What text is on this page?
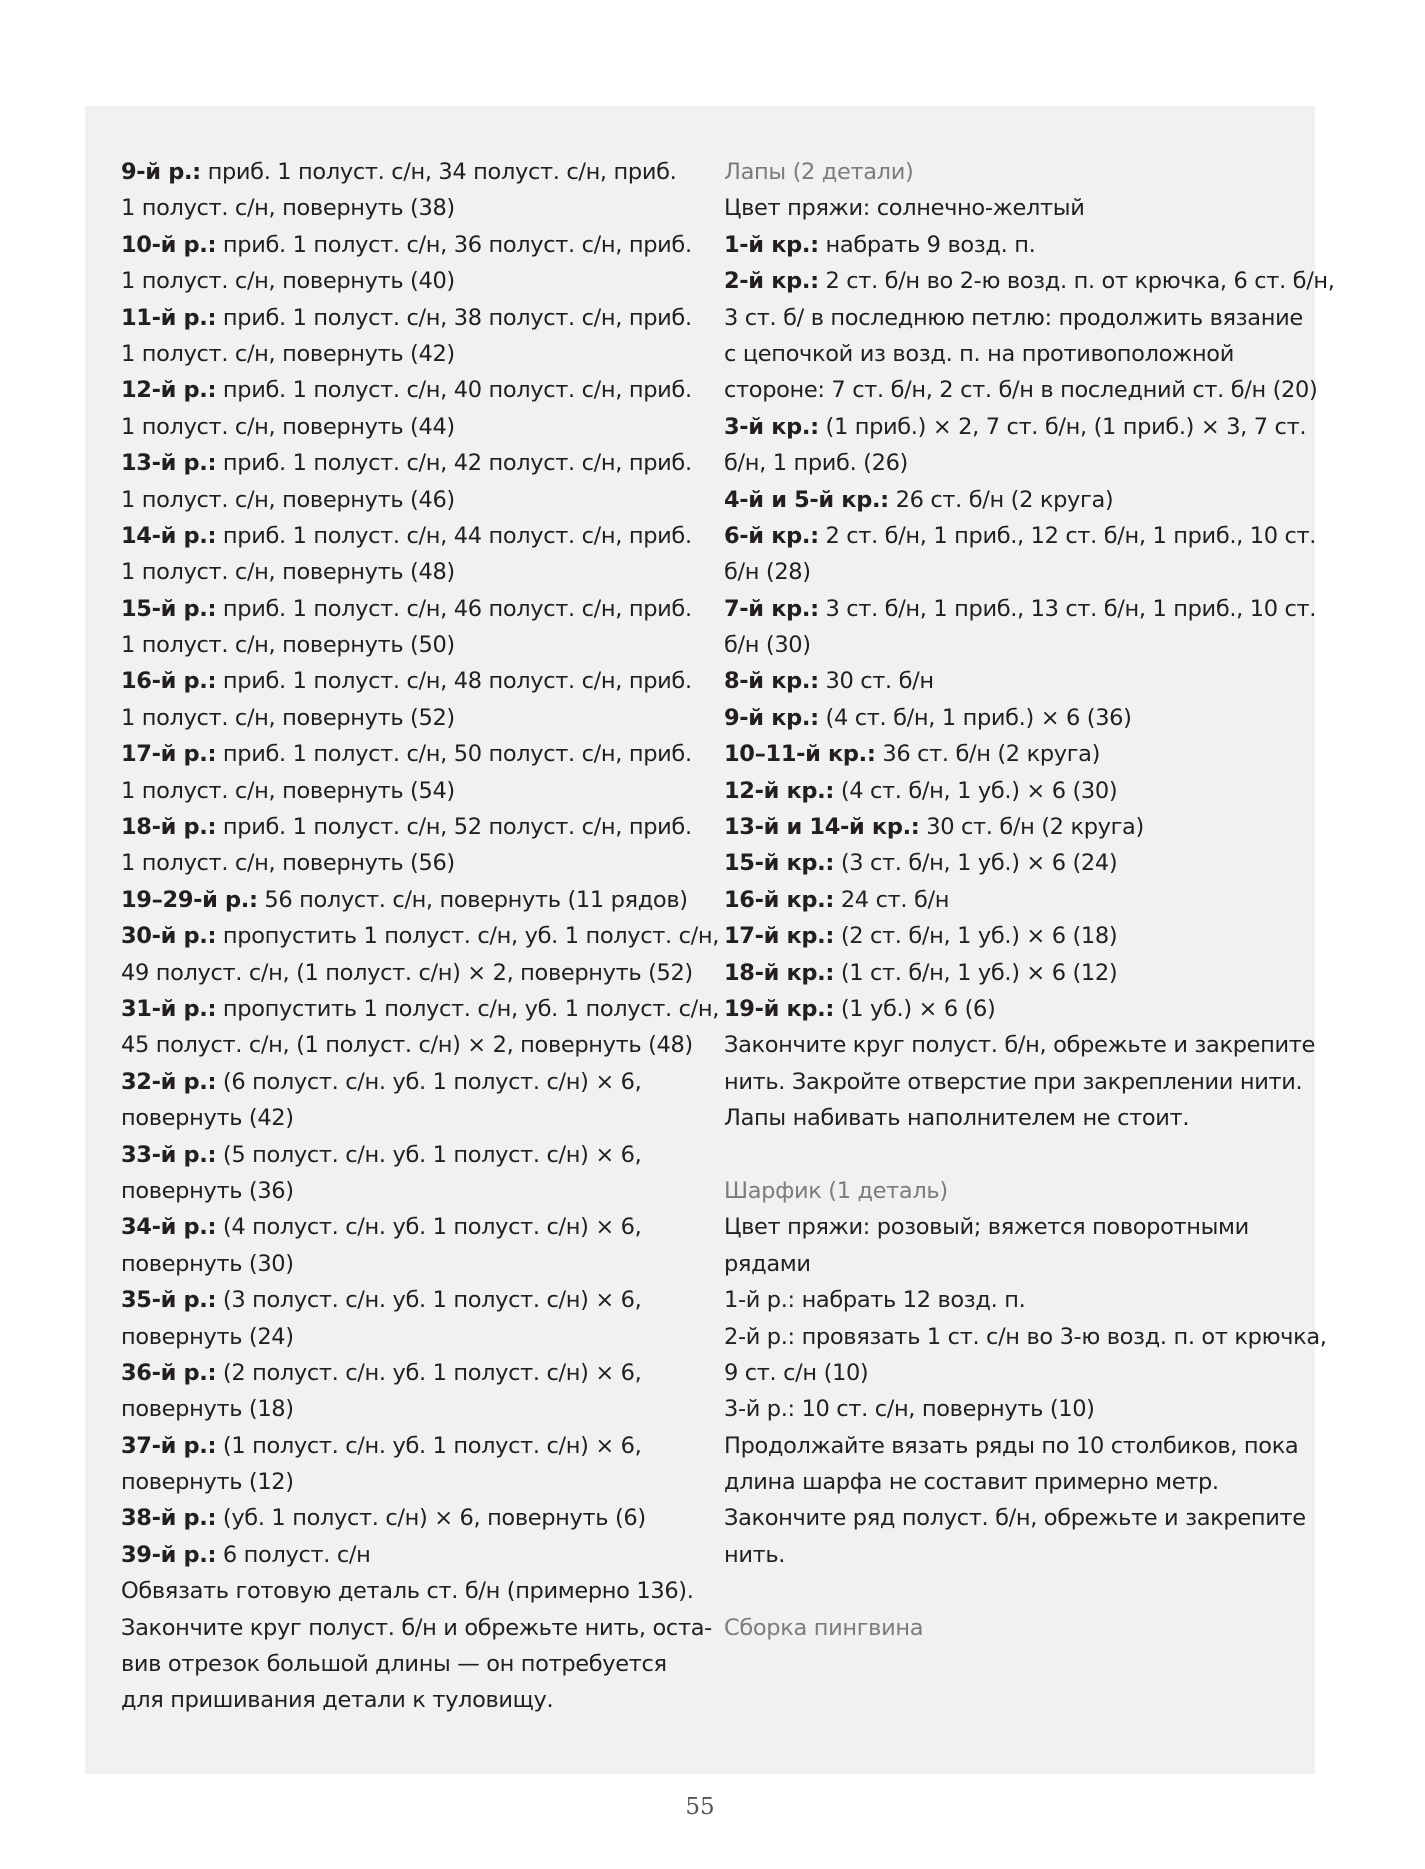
9-й р.: приб. 1 полуст. с/н, 34 полуст. с/н, приб.
1 полуст. с/н, повернуть (38)
10-й р.: приб. 1 полуст. с/н, 36 полуст. с/н, приб.
1 полуст. с/н, повернуть (40)
11-й р.: приб. 1 полуст. с/н, 38 полуст. с/н, приб.
1 полуст. с/н, повернуть (42)
12-й р.: приб. 1 полуст. с/н, 40 полуст. с/н, приб.
1 полуст. с/н, повернуть (44)
13-й р.: приб. 1 полуст. с/н, 42 полуст. с/н, приб.
1 полуст. с/н, повернуть (46)
14-й р.: приб. 1 полуст. с/н, 44 полуст. с/н, приб.
1 полуст. с/н, повернуть (48)
15-й р.: приб. 1 полуст. с/н, 46 полуст. с/н, приб.
1 полуст. с/н, повернуть (50)
16-й р.: приб. 1 полуст. с/н, 48 полуст. с/н, приб.
1 полуст. с/н, повернуть (52)
17-й р.: приб. 1 полуст. с/н, 50 полуст. с/н, приб.
1 полуст. с/н, повернуть (54)
18-й р.: приб. 1 полуст. с/н, 52 полуст. с/н, приб.
1 полуст. с/н, повернуть (56)
19–29-й р.: 56 полуст. с/н, повернуть (11 рядов)
30-й р.: пропустить 1 полуст. с/н, уб. 1 полуст. с/н,
49 полуст. с/н, (1 полуст. с/н) × 2, повернуть (52)
31-й р.: пропустить 1 полуст. с/н, уб. 1 полуст. с/н,
45 полуст. с/н, (1 полуст. с/н) × 2, повернуть (48)
32-й р.: (6 полуст. с/н. уб. 1 полуст. с/н) × 6,
повернуть (42)
33-й р.: (5 полуст. с/н. уб. 1 полуст. с/н) × 6,
повернуть (36)
34-й р.: (4 полуст. с/н. уб. 1 полуст. с/н) × 6,
повернуть (30)
35-й р.: (3 полуст. с/н. уб. 1 полуст. с/н) × 6,
повернуть (24)
36-й р.: (2 полуст. с/н. уб. 1 полуст. с/н) × 6,
повернуть (18)
37-й р.: (1 полуст. с/н. уб. 1 полуст. с/н) × 6,
повернуть (12)
38-й р.: (уб. 1 полуст. с/н) × 6, повернуть (6)
39-й р.: 6 полуст. с/н
Обвязать готовую деталь ст. б/н (примерно 136).
Закончите круг полуст. б/н и обрежьте нить, оста-
вив отрезок большой длины — он потребуется
для пришивания детали к туловищу.
Лапы (2 детали)
Цвет пряжи: солнечно-желтый
1-й кр.: набрать 9 возд. п.
2-й кр.: 2 ст. б/н во 2-ю возд. п. от крючка, 6 ст. б/н,
3 ст. б/ в последнюю петлю: продолжить вязание
с цепочкой из возд. п. на противоположной
стороне: 7 ст. б/н, 2 ст. б/н в последний ст. б/н (20)
3-й кр.: (1 приб.) × 2, 7 ст. б/н, (1 приб.) × 3, 7 ст.
б/н, 1 приб. (26)
4-й и 5-й кр.: 26 ст. б/н (2 круга)
6-й кр.: 2 ст. б/н, 1 приб., 12 ст. б/н, 1 приб., 10 ст.
б/н (28)
7-й кр.: 3 ст. б/н, 1 приб., 13 ст. б/н, 1 приб., 10 ст.
б/н (30)
8-й кр.: 30 ст. б/н
9-й кр.: (4 ст. б/н, 1 приб.) × 6 (36)
10–11-й кр.: 36 ст. б/н (2 круга)
12-й кр.: (4 ст. б/н, 1 уб.) × 6 (30)
13-й и 14-й кр.: 30 ст. б/н (2 круга)
15-й кр.: (3 ст. б/н, 1 уб.) × 6 (24)
16-й кр.: 24 ст. б/н
17-й кр.: (2 ст. б/н, 1 уб.) × 6 (18)
18-й кр.: (1 ст. б/н, 1 уб.) × 6 (12)
19-й кр.: (1 уб.) × 6 (6)
Закончите круг полуст. б/н, обрежьте и закрепите
нить. Закройте отверстие при закреплении нити.
Лапы набивать наполнителем не стоит.
Шарфик (1 деталь)
Цвет пряжи: розовый; вяжется поворотными
рядами
1-й р.: набрать 12 возд. п.
2-й р.: провязать 1 ст. с/н во 3-ю возд. п. от крючка,
9 ст. с/н (10)
3-й р.: 10 ст. с/н, повернуть (10)
Продолжайте вязать ряды по 10 столбиков, пока
длина шарфа не составит примерно метр.
Закончите ряд полуст. б/н, обрежьте и закрепите
нить.
Сборка пингвина
55
